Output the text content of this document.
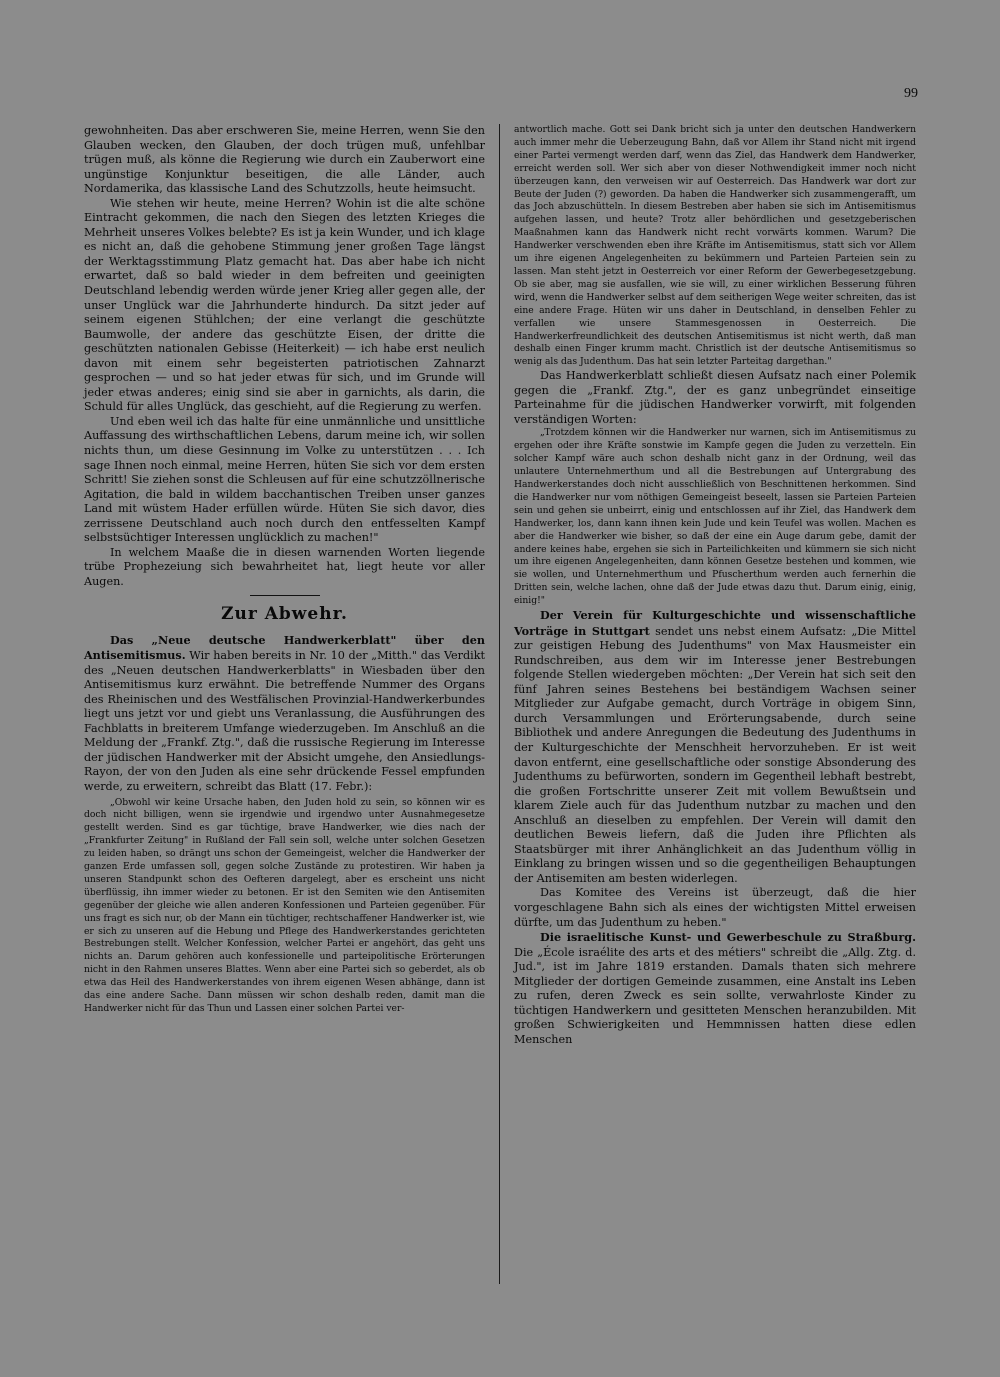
99

gewohnheiten. Das aber erschweren Sie, meine Herren, wenn Sie den Glauben wecken, den Glauben, der doch trügen muß, unfehlbar trügen muß, als könne die Regierung wie durch ein Zauberwort eine ungünstige Konjunktur beseitigen, die alle Länder, auch Nordamerika, das klassische Land des Schutzzolls, heute heimsucht.

Wie stehen wir heute, meine Herren? Wohin ist die alte schöne Eintracht gekommen, die nach den Siegen des letzten Krieges die Mehrheit unseres Volkes belebte? Es ist ja kein Wunder, und ich klage es nicht an, daß die gehobene Stimmung jener großen Tage längst der Werktagsstimmung Platz gemacht hat. Das aber habe ich nicht erwartet, daß so bald wieder in dem befreiten und geeinigten Deutschland lebendig werden würde jener Krieg aller gegen alle, der unser Unglück war die Jahrhunderte hindurch. Da sitzt jeder auf seinem eigenen Stühlchen; der eine verlangt die geschützte Baumwolle, der andere das geschützte Eisen, der dritte die geschützten nationalen Gebisse (Heiterkeit) — ich habe erst neulich davon mit einem sehr begeisterten patriotischen Zahnarzt gesprochen — und so hat jeder etwas für sich, und im Grunde will jeder etwas anderes; einig sind sie aber in garnichts, als darin, die Schuld für alles Unglück, das geschieht, auf die Regierung zu werfen.

Und eben weil ich das halte für eine unmännliche und unsittliche Auffassung des wirthschaftlichen Lebens, darum meine ich, wir sollen nichts thun, um diese Gesinnung im Volke zu unterstützen . . . Ich sage Ihnen noch einmal, meine Herren, hüten Sie sich vor dem ersten Schritt! Sie ziehen sonst die Schleusen auf für eine schutzzöllnerische Agitation, die bald in wildem bacchantischen Treiben unser ganzes Land mit wüstem Hader erfüllen würde. Hüten Sie sich davor, dies zerrissene Deutschland auch noch durch den entfesselten Kampf selbstsüchtiger Interessen unglücklich zu machen!"

In welchem Maaße die in diesen warnenden Worten liegende trübe Prophezeiung sich bewahrheitet hat, liegt heute vor aller Augen.

Zur Abwehr.

Das „Neue deutsche Handwerkerblatt" über den Antisemitismus. Wir haben bereits in Nr. 10 der „Mitth." das Verdikt des „Neuen deutschen Handwerkerblatts" in Wiesbaden über den Antisemitismus kurz erwähnt. Die betreffende Nummer des Organs des Rheinischen und des Westfälischen Provinzial-Handwerkerbundes liegt uns jetzt vor und giebt uns Veranlassung, die Ausführungen des Fachblatts in breiterem Umfange wiederzugeben. Im Anschluß an die Meldung der „Frankf. Ztg.", daß die russische Regierung im Interesse der jüdischen Handwerker mit der Absicht umgehe, den Ansiedlungs-Rayon, der von den Juden als eine sehr drückende Fessel empfunden werde, zu erweitern, schreibt das Blatt (17. Febr.):

„Obwohl wir keine Ursache haben, den Juden hold zu sein, so können wir es doch nicht billigen, wenn sie irgendwie und irgendwo unter Ausnahmegesetze gestellt werden. Sind es gar tüchtige, brave Handwerker, wie dies nach der „Frankfurter Zeitung" in Rußland der Fall sein soll, welche unter solchen Gesetzen zu leiden haben, so drängt uns schon der Gemeingeist, welcher die Handwerker der ganzen Erde umfassen soll, gegen solche Zustände zu protestiren. Wir haben ja unseren Standpunkt schon des Oefteren dargelegt, aber es erscheint uns nicht überflüssig, ihn immer wieder zu betonen. Er ist den Semiten wie den Antisemiten gegenüber der gleiche wie allen anderen Konfessionen und Parteien gegenüber. Für uns fragt es sich nur, ob der Mann ein tüchtiger, rechtschaffener Handwerker ist, wie er sich zu unseren auf die Hebung und Pflege des Handwerkerstandes gerichteten Bestrebungen stellt. Welcher Konfession, welcher Partei er angehört, das geht uns nichts an. Darum gehören auch konfessionelle und parteipolitische Erörterungen nicht in den Rahmen unseres Blattes. Wenn aber eine Partei sich so geberdet, als ob etwa das Heil des Handwerkerstandes von ihrem eigenen Wesen abhänge, dann ist das eine andere Sache. Dann müssen wir schon deshalb reden, damit man die Handwerker nicht für das Thun und Lassen einer solchen Partei ver-

antwortlich mache. Gott sei Dank bricht sich ja unter den deutschen Handwerkern auch immer mehr die Ueberzeugung Bahn, daß vor Allem ihr Stand nicht mit irgend einer Partei vermengt werden darf, wenn das Ziel, das Handwerk dem Handwerker, erreicht werden soll. Wer sich aber von dieser Nothwendigkeit immer noch nicht überzeugen kann, den verweisen wir auf Oesterreich. Das Handwerk war dort zur Beute der Juden (?) geworden. Da haben die Handwerker sich zusammengerafft, um das Joch abzuschütteln. In diesem Bestreben aber haben sie sich im Antisemitismus aufgehen lassen, und heute? Trotz aller behördlichen und gesetzgeberischen Maaßnahmen kann das Handwerk nicht recht vorwärts kommen. Warum? Die Handwerker verschwenden eben ihre Kräfte im Antisemitismus, statt sich vor Allem um ihre eigenen Angelegenheiten zu bekümmern und Parteien Parteien sein zu lassen. Man steht jetzt in Oesterreich vor einer Reform der Gewerbegesetzgebung. Ob sie aber, mag sie ausfallen, wie sie will, zu einer wirklichen Besserung führen wird, wenn die Handwerker selbst auf dem seitherigen Wege weiter schreiten, das ist eine andere Frage. Hüten wir uns daher in Deutschland, in denselben Fehler zu verfallen wie unsere Stammesgenossen in Oesterreich. Die Handwerkerfreundlichkeit des deutschen Antisemitismus ist nicht werth, daß man deshalb einen Finger krumm macht. Christlich ist der deutsche Antisemitismus so wenig als das Judenthum. Das hat sein letzter Parteitag dargethan."

Das Handwerkerblatt schließt diesen Aufsatz nach einer Polemik gegen die „Frankf. Ztg.", der es ganz unbegründet einseitige Parteinahme für die jüdischen Handwerker vorwirft, mit folgenden verständigen Worten:

„Trotzdem können wir die Handwerker nur warnen, sich im Antisemitismus zu ergehen oder ihre Kräfte sonstwie im Kampfe gegen die Juden zu verzetteln. Ein solcher Kampf wäre auch schon deshalb nicht ganz in der Ordnung, weil das unlautere Unternehmerthum und all die Bestrebungen auf Untergrabung des Handwerkerstandes doch nicht ausschließlich von Beschnittenen herkommen. Sind die Handwerker nur vom nöthigen Gemeingeist beseelt, lassen sie Parteien Parteien sein und gehen sie unbeirrt, einig und entschlossen auf ihr Ziel, das Handwerk dem Handwerker, los, dann kann ihnen kein Jude und kein Teufel was wollen. Machen es aber die Handwerker wie bisher, so daß der eine ein Auge darum gebe, damit der andere keines habe, ergehen sie sich in Parteilichkeiten und kümmern sie sich nicht um ihre eigenen Angelegenheiten, dann können Gesetze bestehen und kommen, wie sie wollen, und Unternehmerthum und Pfuscherthum werden auch fernerhin die Dritten sein, welche lachen, ohne daß der Jude etwas dazu thut. Darum einig, einig, einig!"

Der Verein für Kulturgeschichte und wissenschaftliche Vorträge in Stuttgart sendet uns nebst einem Aufsatz: „Die Mittel zur geistigen Hebung des Judenthums" von Max Hausmeister ein Rundschreiben, aus dem wir im Interesse jener Bestrebungen folgende Stellen wiedergeben möchten: „Der Verein hat sich seit den fünf Jahren seines Bestehens bei beständigem Wachsen seiner Mitglieder zur Aufgabe gemacht, durch Vorträge in obigem Sinn, durch Versammlungen und Erörterungsabende, durch seine Bibliothek und andere Anregungen die Bedeutung des Judenthums in der Kulturgeschichte der Menschheit hervorzuheben. Er ist weit davon entfernt, eine gesellschaftliche oder sonstige Absonderung des Judenthums zu befürworten, sondern im Gegentheil lebhaft bestrebt, die großen Fortschritte unserer Zeit mit vollem Bewußtsein und klarem Ziele auch für das Judenthum nutzbar zu machen und den Anschluß an dieselben zu empfehlen. Der Verein will damit den deutlichen Beweis liefern, daß die Juden ihre Pflichten als Staatsbürger mit ihrer Anhänglichkeit an das Judenthum völlig in Einklang zu bringen wissen und so die gegentheiligen Behauptungen der Antisemiten am besten widerlegen.

Das Komitee des Vereins ist überzeugt, daß die hier vorgeschlagene Bahn sich als eines der wichtigsten Mittel erweisen dürfte, um das Judenthum zu heben."

Die israelitische Kunst- und Gewerbeschule zu Straßburg. Die „École israélite des arts et des métiers" schreibt die „Allg. Ztg. d. Jud.", ist im Jahre 1819 erstanden. Damals thaten sich mehrere Mitglieder der dortigen Gemeinde zusammen, eine Anstalt ins Leben zu rufen, deren Zweck es sein sollte, verwahrloste Kinder zu tüchtigen Handwerkern und gesitteten Menschen heranzubilden. Mit großen Schwierigkeiten und Hemmnissen hatten diese edlen Menschen
